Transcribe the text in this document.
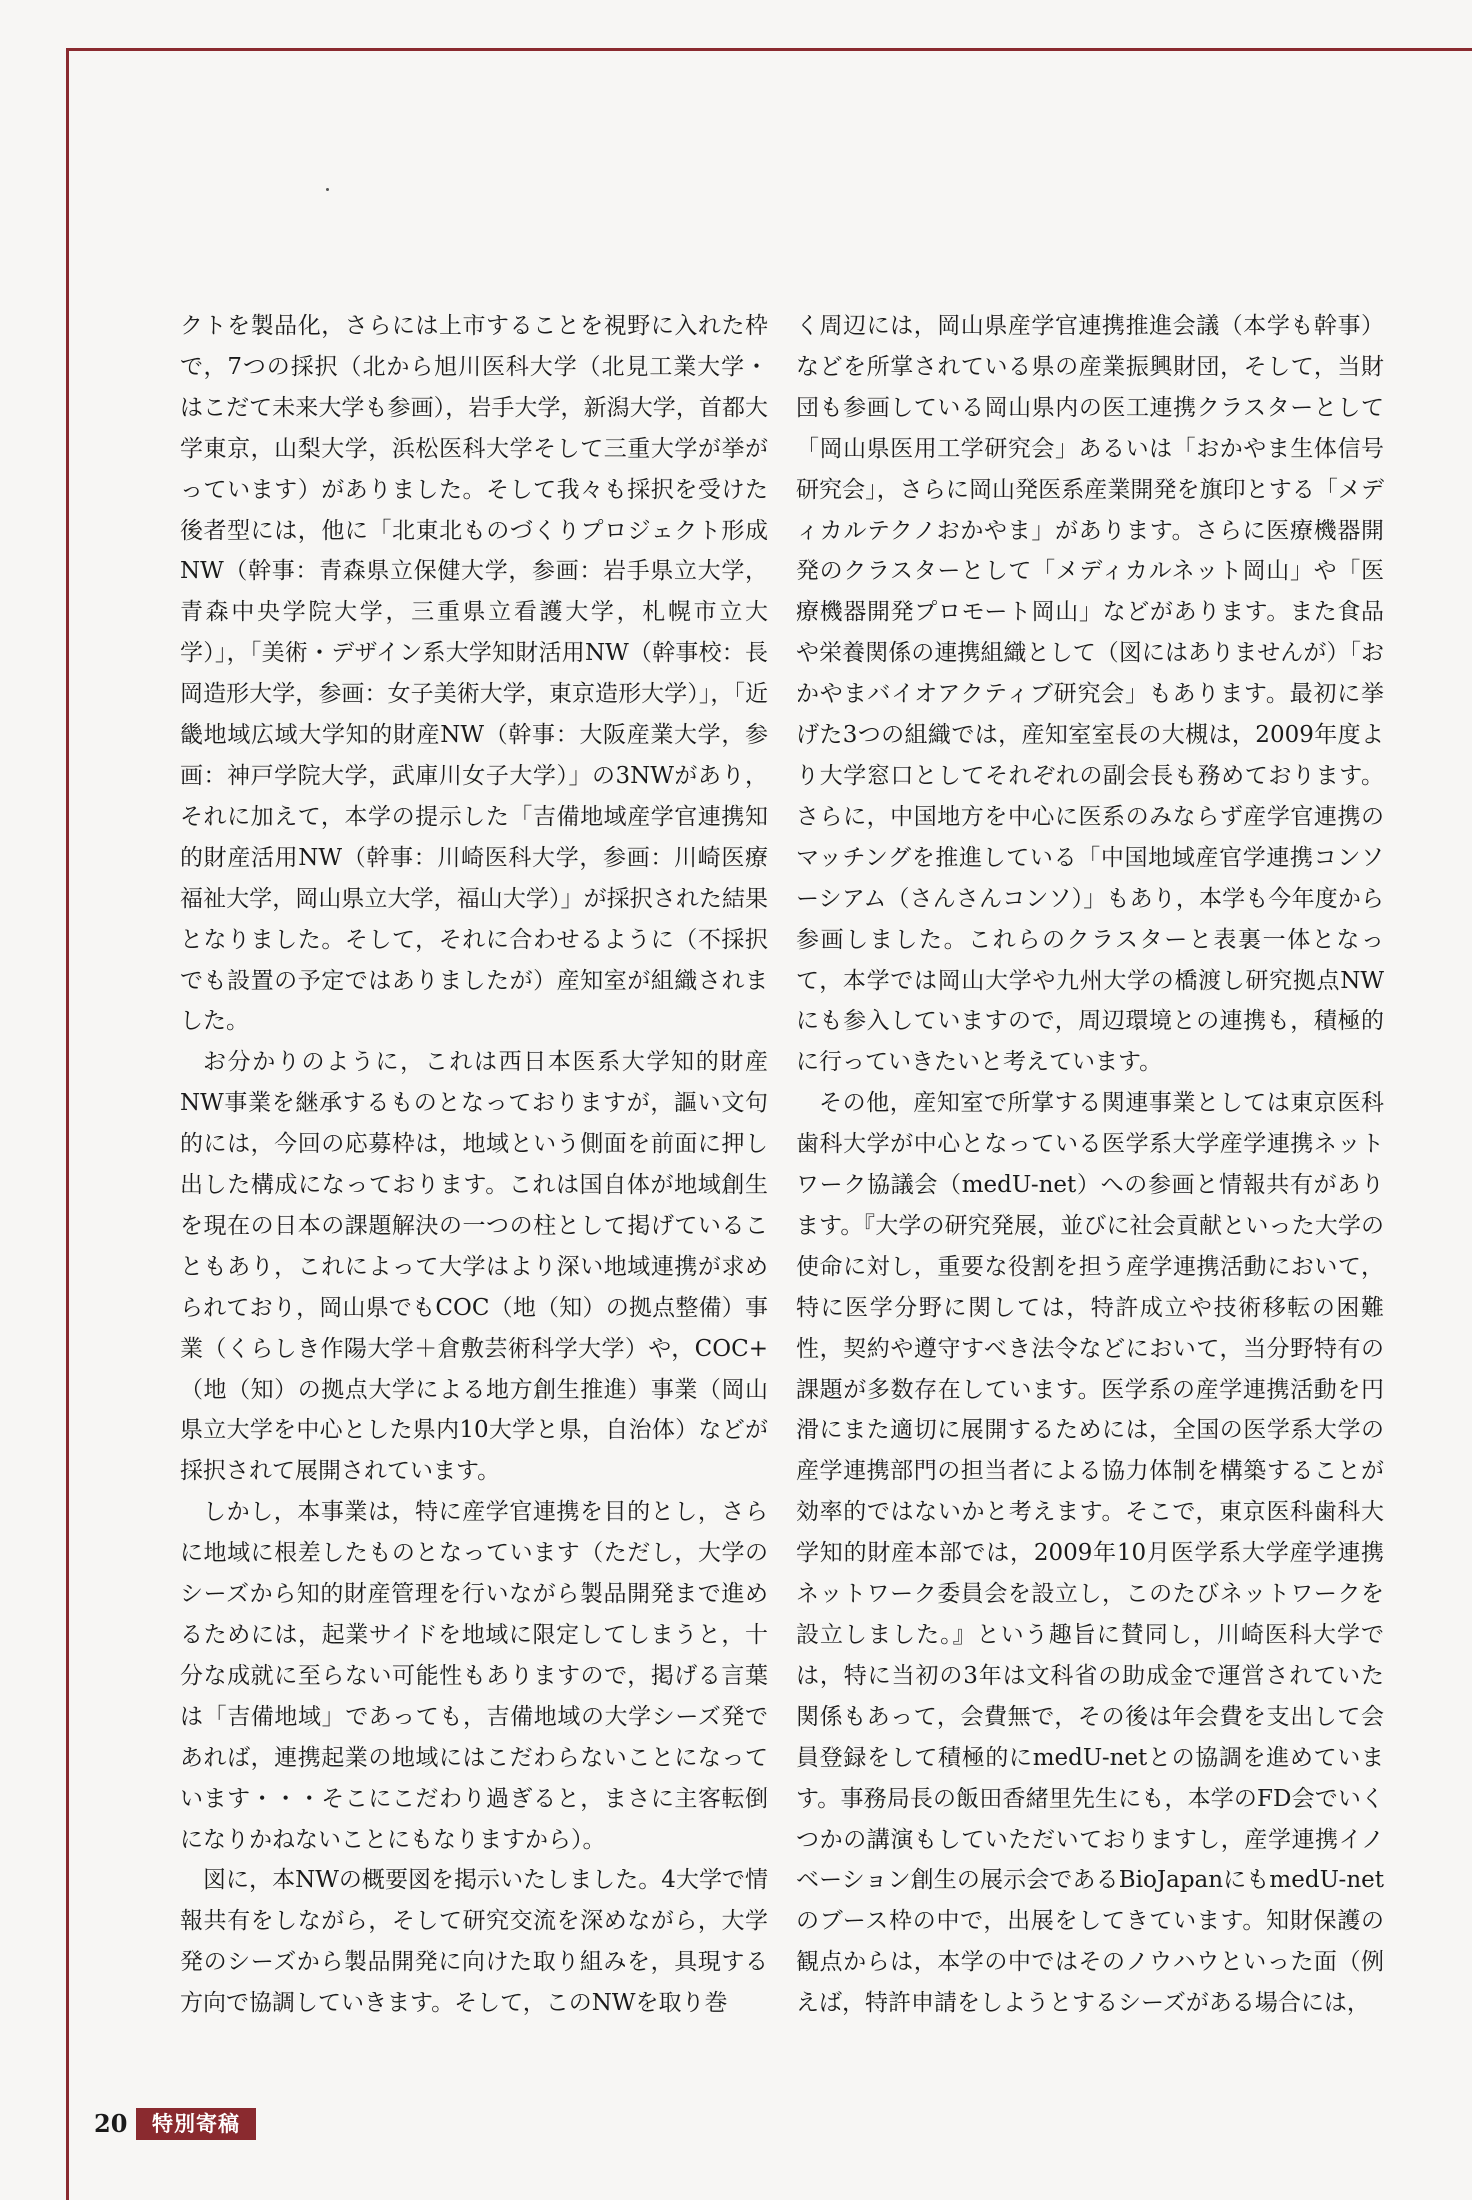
クトを製品化，さらには上市することを視野に入れた枠で，7つの採択（北から旭川医科大学（北見工業大学・はこだて未来大学も参画），岩手大学，新潟大学，首都大学東京，山梨大学，浜松医科大学そして三重大学が挙がっています）がありました。そして我々も採択を受けた後者型には，他に「北東北ものづくりプロジェクト形成NW（幹事：青森県立保健大学，参画：岩手県立大学，青森中央学院大学，三重県立看護大学，札幌市立大学）」，「美術・デザイン系大学知財活用NW（幹事校：長岡造形大学，参画：女子美術大学，東京造形大学）」，「近畿地域広域大学知的財産NW（幹事：大阪産業大学，参画：神戸学院大学，武庫川女子大学）」の3NWがあり，それに加えて，本学の提示した「吉備地域産学官連携知的財産活用NW（幹事：川崎医科大学，参画：川崎医療福祉大学，岡山県立大学，福山大学）」が採択された結果となりました。そして，それに合わせるように（不採択でも設置の予定ではありましたが）産知室が組織されました。

お分かりのように，これは西日本医系大学知的財産NW事業を継承するものとなっておりますが，謳い文句的には，今回の応募枠は，地域という側面を前面に押し出した構成になっております。これは国自体が地域創生を現在の日本の課題解決の一つの柱として掲げていることもあり，これによって大学はより深い地域連携が求められており，岡山県でもCOC（地（知）の拠点整備）事業（くらしき作陽大学＋倉敷芸術科学大学）や，COC+（地（知）の拠点大学による地方創生推進）事業（岡山県立大学を中心とした県内10大学と県，自治体）などが採択されて展開されています。

しかし，本事業は，特に産学官連携を目的とし，さらに地域に根差したものとなっています（ただし，大学のシーズから知的財産管理を行いながら製品開発まで進めるためには，起業サイドを地域に限定してしまうと，十分な成就に至らない可能性もありますので，掲げる言葉は「吉備地域」であっても，吉備地域の大学シーズ発であれば，連携起業の地域にはこだわらないことになっています・・・そこにこだわり過ぎると，まさに主客転倒になりかねないことにもなりますから）。

図に，本NWの概要図を掲示いたしました。4大学で情報共有をしながら，そして研究交流を深めながら，大学発のシーズから製品開発に向けた取り組みを，具現する方向で協調していきます。そして，このNWを取り巻

く周辺には，岡山県産学官連携推進会議（本学も幹事）などを所掌されている県の産業振興財団，そして，当財団も参画している岡山県内の医工連携クラスターとして「岡山県医用工学研究会」あるいは「おかやま生体信号研究会」，さらに岡山発医系産業開発を旗印とする「メディカルテクノおかやま」があります。さらに医療機器開発のクラスターとして「メディカルネット岡山」や「医療機器開発プロモート岡山」などがあります。また食品や栄養関係の連携組織として（図にはありませんが）「おかやまバイオアクティブ研究会」もあります。最初に挙げた3つの組織では，産知室室長の大槻は，2009年度より大学窓口としてそれぞれの副会長も務めております。さらに，中国地方を中心に医系のみならず産学官連携のマッチングを推進している「中国地域産官学連携コンソーシアム（さんさんコンソ）」もあり，本学も今年度から参画しました。これらのクラスターと表裏一体となって，本学では岡山大学や九州大学の橋渡し研究拠点NWにも参入していますので，周辺環境との連携も，積極的に行っていきたいと考えています。

その他，産知室で所掌する関連事業としては東京医科歯科大学が中心となっている医学系大学産学連携ネットワーク協議会（medU-net）への参画と情報共有があります。『大学の研究発展，並びに社会貢献といった大学の使命に対し，重要な役割を担う産学連携活動において，特に医学分野に関しては，特許成立や技術移転の困難性，契約や遵守すべき法令などにおいて，当分野特有の課題が多数存在しています。医学系の産学連携活動を円滑にまた適切に展開するためには，全国の医学系大学の産学連携部門の担当者による協力体制を構築することが効率的ではないかと考えます。そこで，東京医科歯科大学知的財産本部では，2009年10月医学系大学産学連携ネットワーク委員会を設立し，このたびネットワークを設立しました。』という趣旨に賛同し，川崎医科大学では，特に当初の3年は文科省の助成金で運営されていた関係もあって，会費無で，その後は年会費を支出して会員登録をして積極的にmedU-netとの協調を進めています。事務局長の飯田香緒里先生にも，本学のFD会でいくつかの講演もしていただいておりますし，産学連携イノベーション創生の展示会であるBioJapanにもmedU-netのブース枠の中で，出展をしてきています。知財保護の観点からは，本学の中ではそのノウハウといった面（例えば，特許申請をしようとするシーズがある場合には，

20	特別寄稿
